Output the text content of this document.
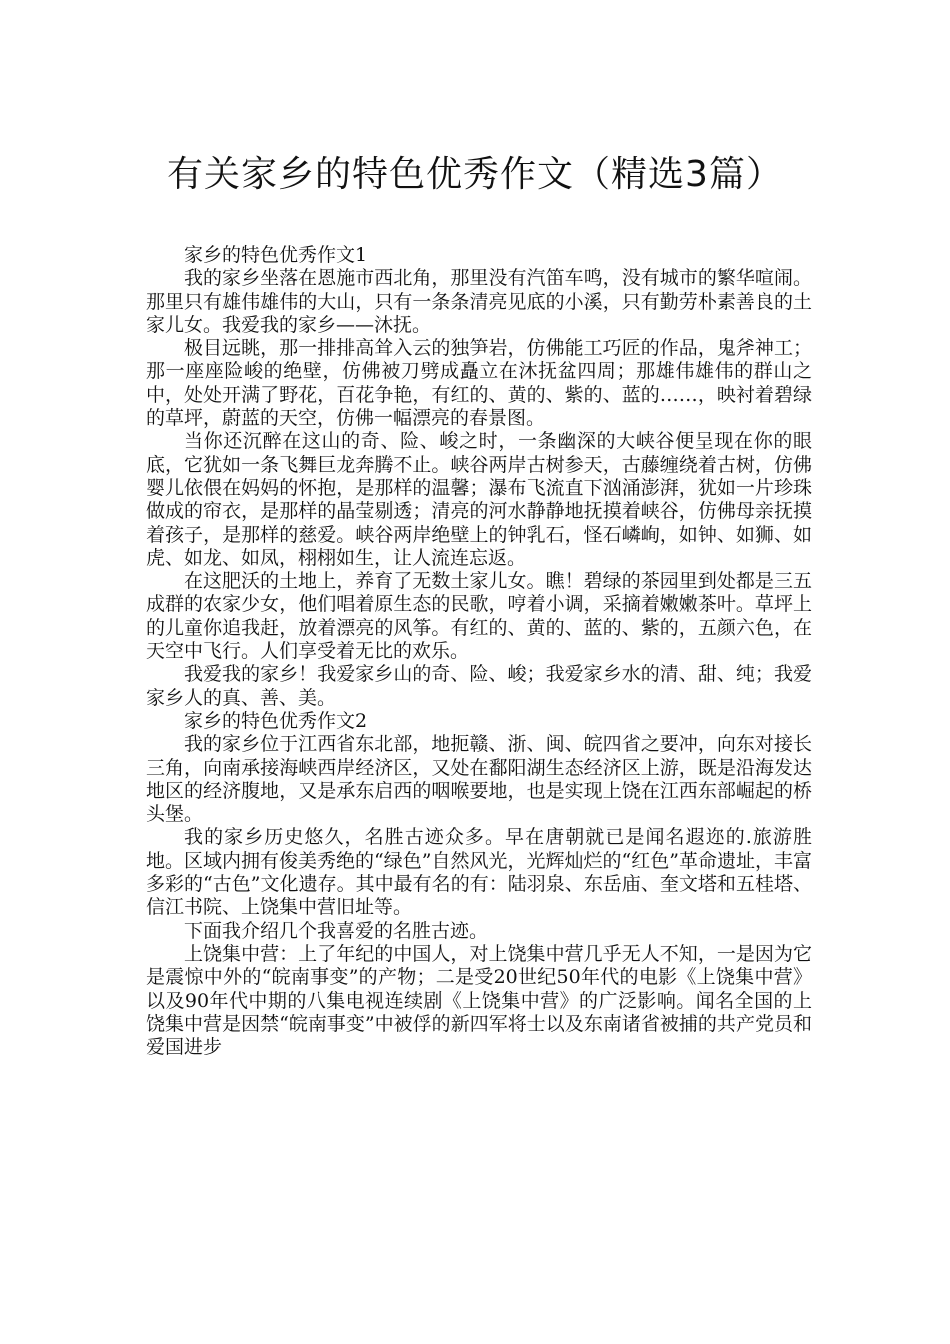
有关家乡的特色优秀作文（精选3篇）

家乡的特色优秀作文1

我的家乡坐落在恩施市西北角，那里没有汽笛车鸣，没有城市的繁华喧闹。那里只有雄伟雄伟的大山，只有一条条清亮见底的小溪，只有勤劳朴素善良的土家儿女。我爱我的家乡——沐抚。

极目远眺，那一排排高耸入云的独笋岩，仿佛能工巧匠的作品，鬼斧神工；那一座座险峻的绝壁，仿佛被刀劈成矗立在沐抚盆四周；那雄伟雄伟的群山之中，处处开满了野花，百花争艳，有红的、黄的、紫的、蓝的……，映衬着碧绿的草坪，蔚蓝的天空，仿佛一幅漂亮的春景图。

当你还沉醉在这山的奇、险、峻之时，一条幽深的大峡谷便呈现在你的眼底，它犹如一条飞舞巨龙奔腾不止。峡谷两岸古树参天，古藤缠绕着古树，仿佛婴儿依偎在妈妈的怀抱，是那样的温馨；瀑布飞流直下汹涌澎湃，犹如一片珍珠做成的帘衣，是那样的晶莹剔透；清亮的河水静静地抚摸着峡谷，仿佛母亲抚摸着孩子，是那样的慈爱。峡谷两岸绝壁上的钟乳石，怪石嶙峋，如钟、如狮、如虎、如龙、如凤，栩栩如生，让人流连忘返。

在这肥沃的土地上，养育了无数土家儿女。瞧！碧绿的茶园里到处都是三五成群的农家少女，他们唱着原生态的民歌，哼着小调，采摘着嫩嫩茶叶。草坪上的儿童你追我赶，放着漂亮的风筝。有红的、黄的、蓝的、紫的，五颜六色，在天空中飞行。人们享受着无比的欢乐。

我爱我的家乡！我爱家乡山的奇、险、峻；我爱家乡水的清、甜、纯；我爱家乡人的真、善、美。

家乡的特色优秀作文2

我的家乡位于江西省东北部，地扼赣、浙、闽、皖四省之要冲，向东对接长三角，向南承接海峡西岸经济区，又处在鄱阳湖生态经济区上游，既是沿海发达地区的经济腹地，又是承东启西的咽喉要地，也是实现上饶在江西东部崛起的桥头堡。

我的家乡历史悠久，名胜古迹众多。早在唐朝就已是闻名遐迩的.旅游胜地。区域内拥有俊美秀绝的“绿色”自然风光，光辉灿烂的“红色”革命遗址，丰富多彩的“古色”文化遗存。其中最有名的有：陆羽泉、东岳庙、奎文塔和五桂塔、信江书院、上饶集中营旧址等。

下面我介绍几个我喜爱的名胜古迹。

上饶集中营：上了年纪的中国人，对上饶集中营几乎无人不知，一是因为它是震惊中外的“皖南事变”的产物；二是受20世纪50年代的电影《上饶集中营》以及90年代中期的八集电视连续剧《上饶集中营》的广泛影响。闻名全国的上饶集中营是因禁“皖南事变”中被俘的新四军将士以及东南诸省被捕的共产党员和爱国进步
